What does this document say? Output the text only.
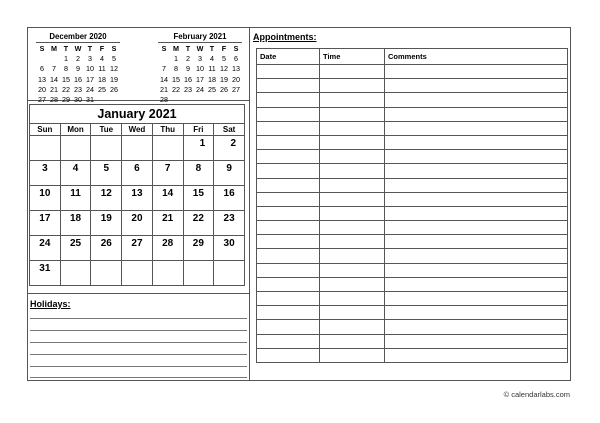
December 2020
S	M	T	W	T	F	S
		1	2	3	4	5
6	7	8	9	10	11	12
13	14	15	16	17	18	19
20	21	22	23	24	25	26
27	28	29	30	31		
February 2021
S	M	T	W	T	F	S
	1	2	3	4	5	6
7	8	9	10	11	12	13
14	15	16	17	18	19	20
21	22	23	24	25	26	27
28						
January 2021
Sun	Mon	Tue	Wed	Thu	Fri	Sat
					1	2
3	4	5	6	7	8	9
10	11	12	13	14	15	16
17	18	19	20	21	22	23
24	25	26	27	28	29	30
31						
Holidays:
Appointments:
Date	Time	Comments

© calendarlabs.com
